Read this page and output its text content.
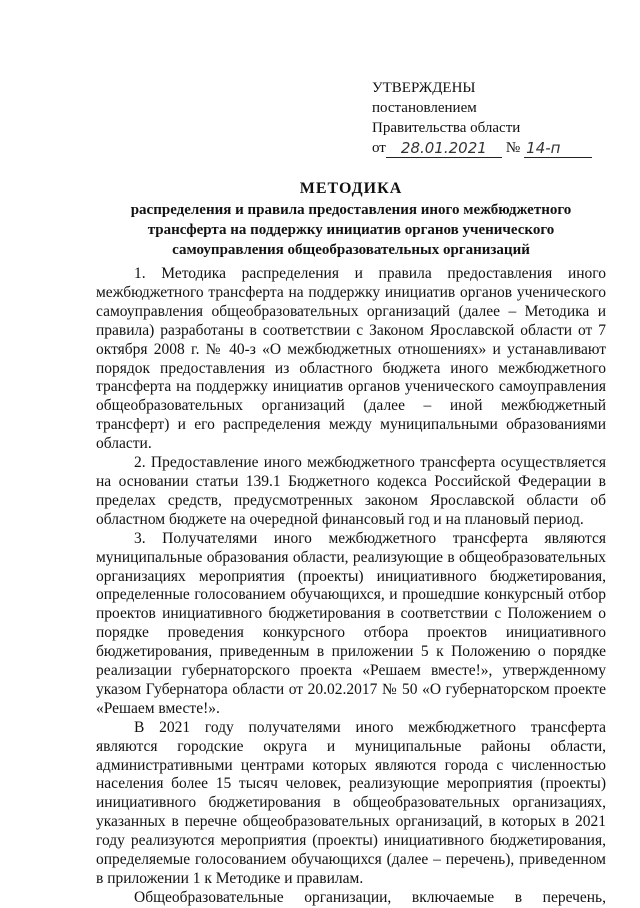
УТВЕРЖДЕНЫ
постановлением
Правительства области
от	28.01.2021	№ 14-п
МЕТОДИКА
распределения и правила предоставления иного межбюджетного трансферта на поддержку инициатив органов ученического самоуправления общеобразовательных организаций

1. Методика распределения и правила предоставления иного межбюджетного трансферта на поддержку инициатив органов ученического самоуправления общеобразовательных организаций (далее – Методика и правила) разработаны в соответствии с Законом Ярославской области от 7 октября 2008 г. № 40-з «О межбюджетных отношениях» и устанавливают порядок предоставления из областного бюджета иного межбюджетного трансферта на поддержку инициатив органов ученического самоуправления общеобразовательных организаций (далее – иной межбюджетный трансферт) и его распределения между муниципальными образованиями области.

2. Предоставление иного межбюджетного трансферта осуществляется на основании статьи 139.1 Бюджетного кодекса Российской Федерации в пределах средств, предусмотренных законом Ярославской области об областном бюджете на очередной финансовый год и на плановый период.

3. Получателями иного межбюджетного трансферта являются муниципальные образования области, реализующие в общеобразовательных организациях мероприятия (проекты) инициативного бюджетирования, определенные голосованием обучающихся, и прошедшие конкурсный отбор проектов инициативного бюджетирования в соответствии с Положением о порядке проведения конкурсного отбора проектов инициативного бюджетирования, приведенным в приложении 5 к Положению о порядке реализации губернаторского проекта «Решаем вместе!», утвержденному указом Губернатора области от 20.02.2017 № 50 «О губернаторском проекте «Решаем вместе!».

В 2021 году получателями иного межбюджетного трансферта являются городские округа и муниципальные районы области, административными центрами которых являются города с численностью населения более 15 тысяч человек, реализующие мероприятия (проекты) инициативного бюджетирования в общеобразовательных организациях, указанных в перечне общеобразовательных организаций, в которых в 2021 году реализуются мероприятия (проекты) инициативного бюджетирования, определяемые голосованием обучающихся (далее – перечень), приведенном в приложении 1 к Методике и правилам.

Общеобразовательные организации, включаемые в перечень,
